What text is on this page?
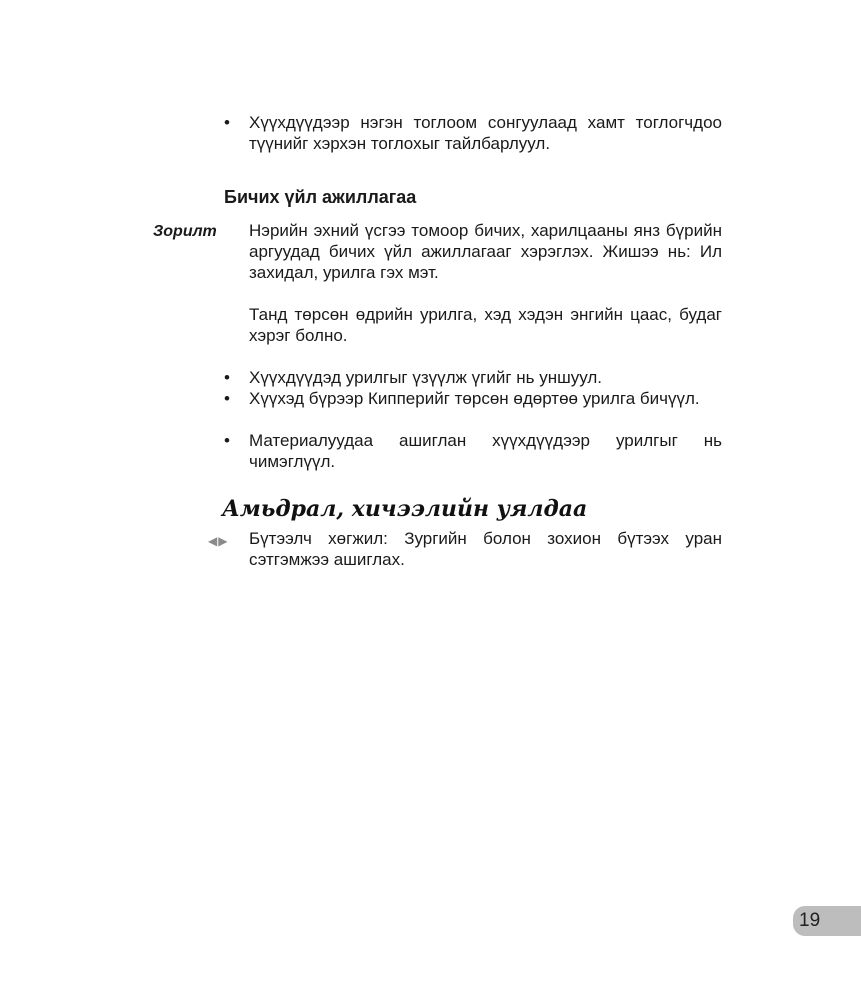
•	Хүүхдүүдээр нэгэн тоглоом сонгуулаад хамт тоглогчдоо түүнийг хэрхэн тоглохыг тайлбарлуул.
Бичих үйл ажиллагаа
Зорилт Нэрийн эхний үсгээ томоор бичих, харилцааны янз бүрийн аргуудад бичих үйл ажиллагааг хэрэглэх. Жишээ нь: Ил захидал, урилга гэх мэт.
Танд төрсөн өдрийн урилга, хэд хэдэн энгийн цаас, будаг хэрэг болно.
•	Хүүхдүүдэд урилгыг үзүүлж үгийг нь уншуул.
•	Хүүхэд бүрээр Кипперийг төрсөн өдөртөө урилга бичүүл.
•	Материалуудаа ашиглан хүүхдүүдээр урилгыг нь чимэглүүл.
Амьдрал, хичээлийн уялдаа
◀▶ Бүтээлч хөгжил: Зургийн болон зохион бүтээх уран сэтгэмжээ ашиглах.
19
